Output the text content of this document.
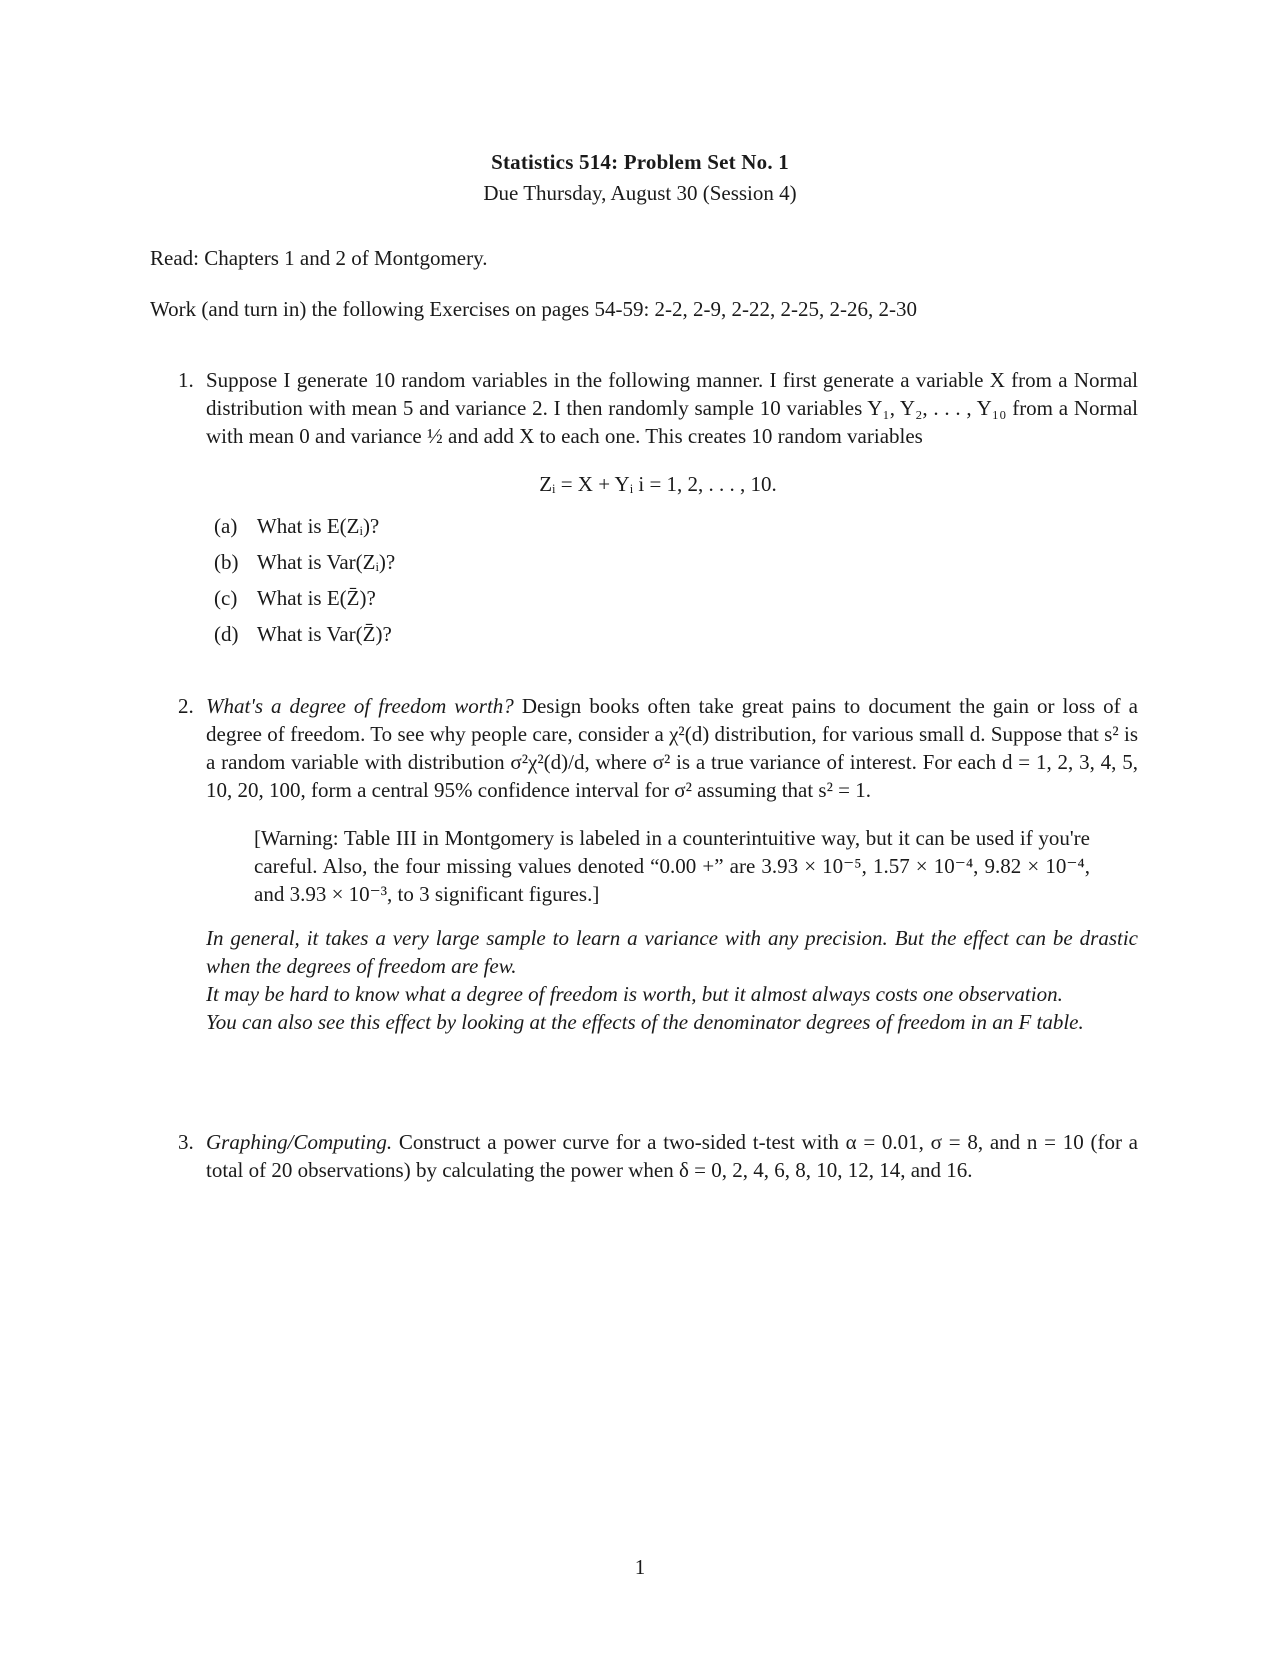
Statistics 514: Problem Set No. 1
Due Thursday, August 30 (Session 4)
Read: Chapters 1 and 2 of Montgomery.
Work (and turn in) the following Exercises on pages 54-59: 2-2, 2-9, 2-22, 2-25, 2-26, 2-30
1. Suppose I generate 10 random variables in the following manner. I first generate a variable X from a Normal distribution with mean 5 and variance 2. I then randomly sample 10 variables Y₁, Y₂, . . . , Y₁₀ from a Normal with mean 0 and variance ½ and add X to each one. This creates 10 random variables
Zᵢ = X + Yᵢ i = 1, 2, . . . , 10.
(a) What is E(Zᵢ)?
(b) What is Var(Zᵢ)?
(c) What is E(Z̄)?
(d) What is Var(Z̄)?
2. What's a degree of freedom worth? Design books often take great pains to document the gain or loss of a degree of freedom. To see why people care, consider a χ²(d) distribution, for various small d. Suppose that s² is a random variable with distribution σ²χ²(d)/d, where σ² is a true variance of interest. For each d = 1, 2, 3, 4, 5, 10, 20, 100, form a central 95% confidence interval for σ² assuming that s² = 1.
[Warning: Table III in Montgomery is labeled in a counterintuitive way, but it can be used if you're careful. Also, the four missing values denoted “0.00 +” are 3.93 × 10⁻⁵, 1.57 × 10⁻⁴, 9.82 × 10⁻⁴, and 3.93 × 10⁻³, to 3 significant figures.]
In general, it takes a very large sample to learn a variance with any precision. But the effect can be drastic when the degrees of freedom are few.
It may be hard to know what a degree of freedom is worth, but it almost always costs one observation.
You can also see this effect by looking at the effects of the denominator degrees of freedom in an F table.
3. Graphing/Computing. Construct a power curve for a two-sided t-test with α = 0.01, σ = 8, and n = 10 (for a total of 20 observations) by calculating the power when δ = 0, 2, 4, 6, 8, 10, 12, 14, and 16.
1
